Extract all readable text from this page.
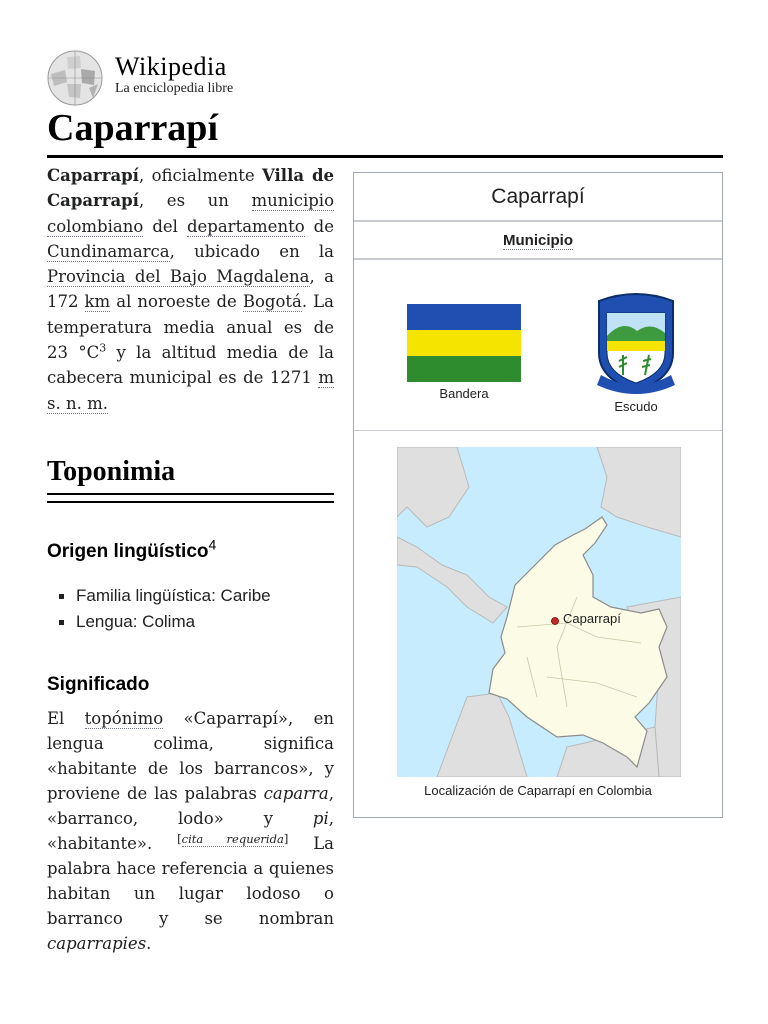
Wikipedia
La enciclopedia libre
Caparrapí
Caparrapí, oficialmente Villa de Caparrapí, es un municipio colombiano del departamento de Cundinamarca, ubicado en la Provincia del Bajo Magdalena, a 172 km al noroeste de Bogotá. La temperatura media anual es de 23 $^\circ C^3$ y la altitud media de la cabecera municipal es de 1271 m s. n. m.
Toponimia
Origen lingüístico$^4$
Familia lingüística: Caribe
Lengua: Colima
Significado
El topónimo «Caparrapí», en lengua colima, significa «habitante de los barrancos», y proviene de las palabras caparra, «barranco, lodo» y pi, «habitante». [cita requerida] La palabra hace referencia a quienes habitan un lugar lodoso o barranco y se nombran caparrapies.
Caparrapí
Municipio
Bandera
Escudo
Caparrapí
Localización de Caparrapí en Colombia
